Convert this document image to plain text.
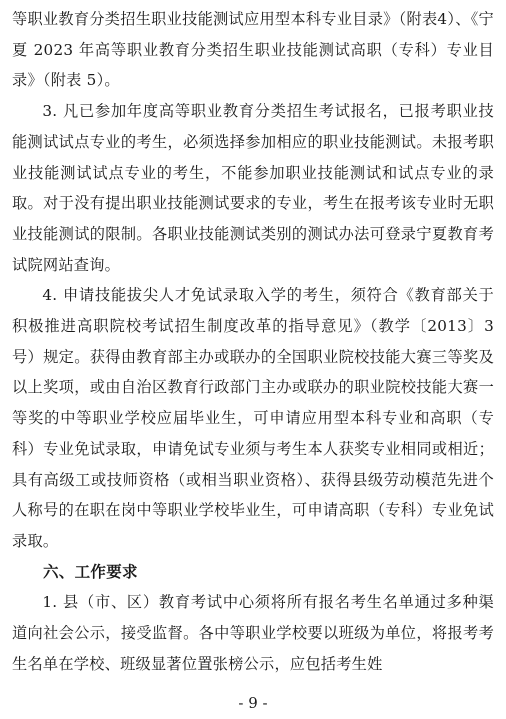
等职业教育分类招生职业技能测试应用型本科专业目录》（附表4）、《宁夏 2023 年高等职业教育分类招生职业技能测试高职（专科）专业目录》（附表 5）。

3. 凡已参加年度高等职业教育分类招生考试报名，已报考职业技能测试试点专业的考生，必须选择参加相应的职业技能测试。未报考职业技能测试试点专业的考生，不能参加职业技能测试和试点专业的录取。对于没有提出职业技能测试要求的专业，考生在报考该专业时无职业技能测试的限制。各职业技能测试类别的测试办法可登录宁夏教育考试院网站查询。

4. 申请技能拔尖人才免试录取入学的考生，须符合《教育部关于积极推进高职院校考试招生制度改革的指导意见》（教学〔2013〕3 号）规定。获得由教育部主办或联办的全国职业院校技能大赛三等奖及以上奖项，或由自治区教育行政部门主办或联办的职业院校技能大赛一等奖的中等职业学校应届毕业生，可申请应用型本科专业和高职（专科）专业免试录取，申请免试专业须与考生本人获奖专业相同或相近；具有高级工或技师资格（或相当职业资格）、获得县级劳动模范先进个人称号的在职在岗中等职业学校毕业生，可申请高职（专科）专业免试录取。

六、工作要求

1. 县（市、区）教育考试中心须将所有报名考生名单通过多种渠道向社会公示，接受监督。各中等职业学校要以班级为单位，将报考考生名单在学校、班级显著位置张榜公示，应包括考生姓

- 9 -
